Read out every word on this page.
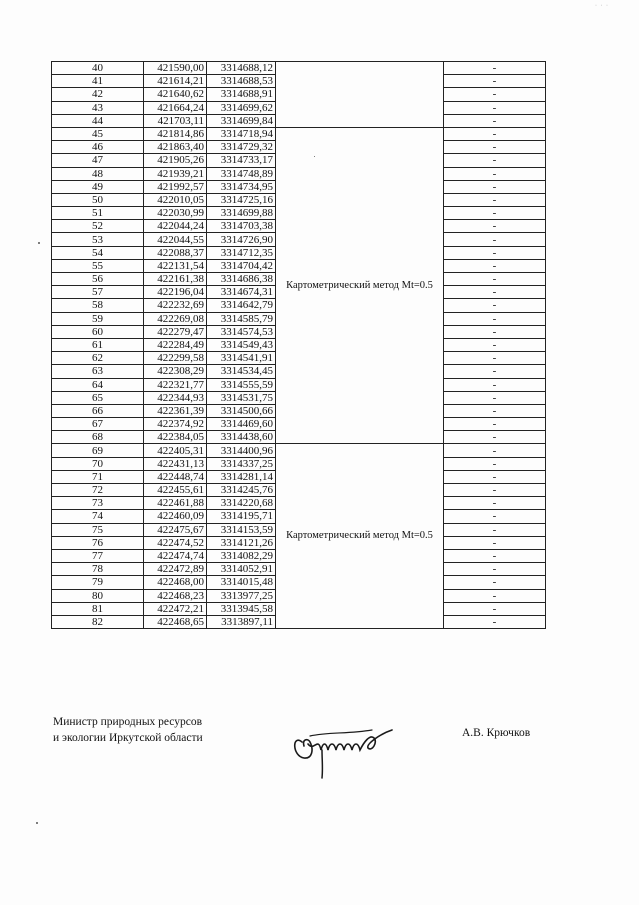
· · ·
40	421590,00	3314688,12		-
41	421614,21	3314688,53		-
42	421640,62	3314688,91		-
43	421664,24	3314699,62		-
44	421703,11	3314699,84		-
45	421814,86	3314718,94	Картометрический метод Mt=0.5	-
46	421863,40	3314729,32		-
47	421905,26	3314733,17		-
48	421939,21	3314748,89		-
49	421992,57	3314734,95		-
50	422010,05	3314725,16		-
51	422030,99	3314699,88		-
52	422044,24	3314703,38		-
53	422044,55	3314726,90		-
54	422088,37	3314712,35		-
55	422131,54	3314704,42		-
56	422161,38	3314686,38		-
57	422196,04	3314674,31		-
58	422232,69	3314642,79		-
59	422269,08	3314585,79		-
60	422279,47	3314574,53		-
61	422284,49	3314549,43		-
62	422299,58	3314541,91		-
63	422308,29	3314534,45		-
64	422321,77	3314555,59		-
65	422344,93	3314531,75		-
66	422361,39	3314500,66		-
67	422374,92	3314469,60		-
68	422384,05	3314438,60		-
69	422405,31	3314400,96	Картометрический метод Mt=0.5	-
70	422431,13	3314337,25		-
71	422448,74	3314281,14		-
72	422455,61	3314245,76		-
73	422461,88	3314220,68		-
74	422460,09	3314195,71		-
75	422475,67	3314153,59		-
76	422474,52	3314121,26		-
77	422474,74	3314082,29		-
78	422472,89	3314052,91		-
79	422468,00	3314015,48		-
80	422468,23	3313977,25		-
81	422472,21	3313945,58		-
82	422468,65	3313897,11		-
Министр природных ресурсов
и экологии Иркутской области	А.В. Крючков
